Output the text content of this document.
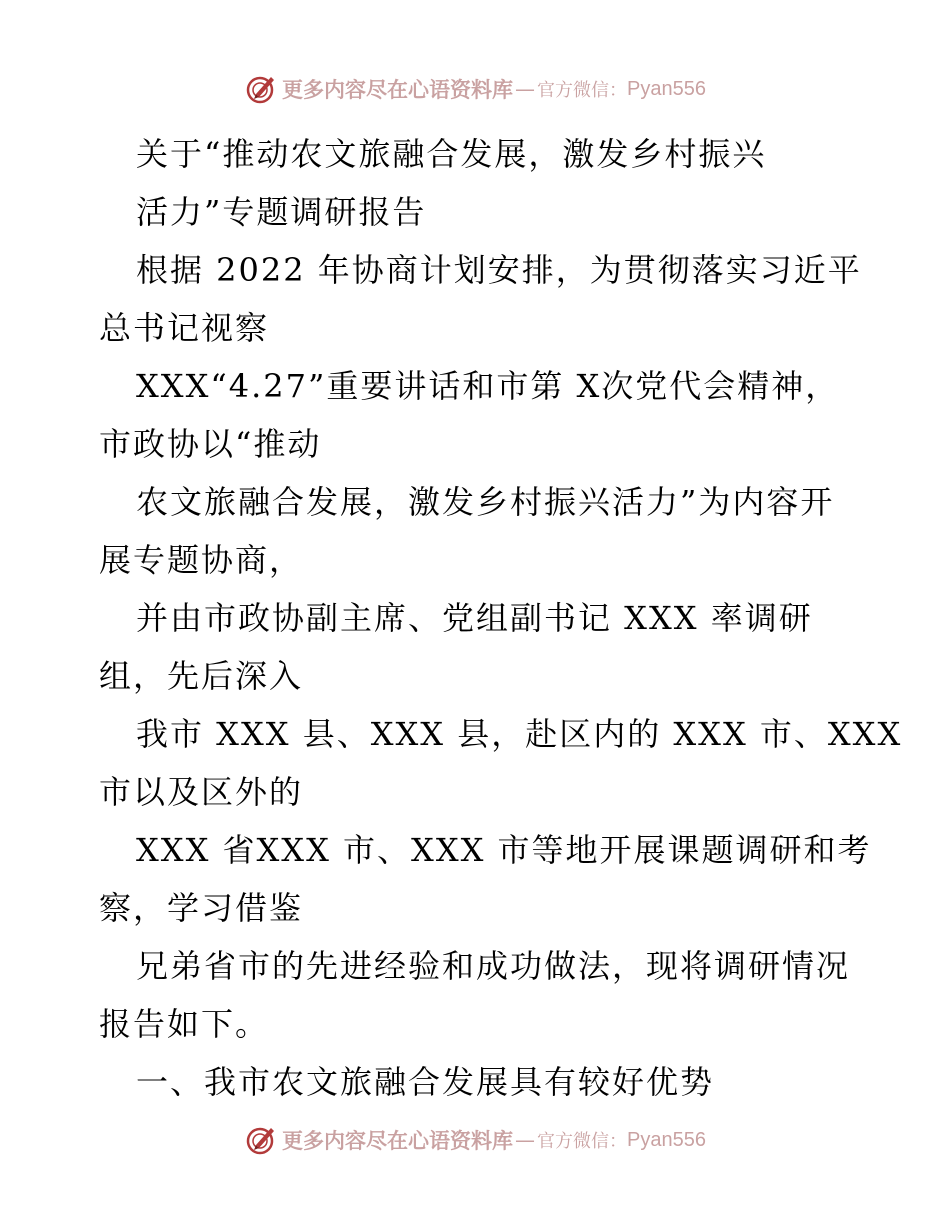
更多内容尽在心语资料库 — 官方微信： Pyan556
关于“推动农文旅融合发展，激发乡村振兴
活力”专题调研报告
根据 2022 年协商计划安排，为贯彻落实习近平
总书记视察
XXX“4.27”重要讲话和市第 X次党代会精神，
市政协以“推动
农文旅融合发展，激发乡村振兴活力”为内容开
展专题协商，
并由市政协副主席、党组副书记 XXX 率调研
组，先后深入
我市 XXX 县、XXX 县，赴区内的 XXX 市、XXX
市以及区外的
XXX 省XXX 市、XXX 市等地开展课题调研和考
察，学习借鉴
兄弟省市的先进经验和成功做法，现将调研情况
报告如下。
一、我市农文旅融合发展具有较好优势
更多内容尽在心语资料库 — 官方微信： Pyan556
